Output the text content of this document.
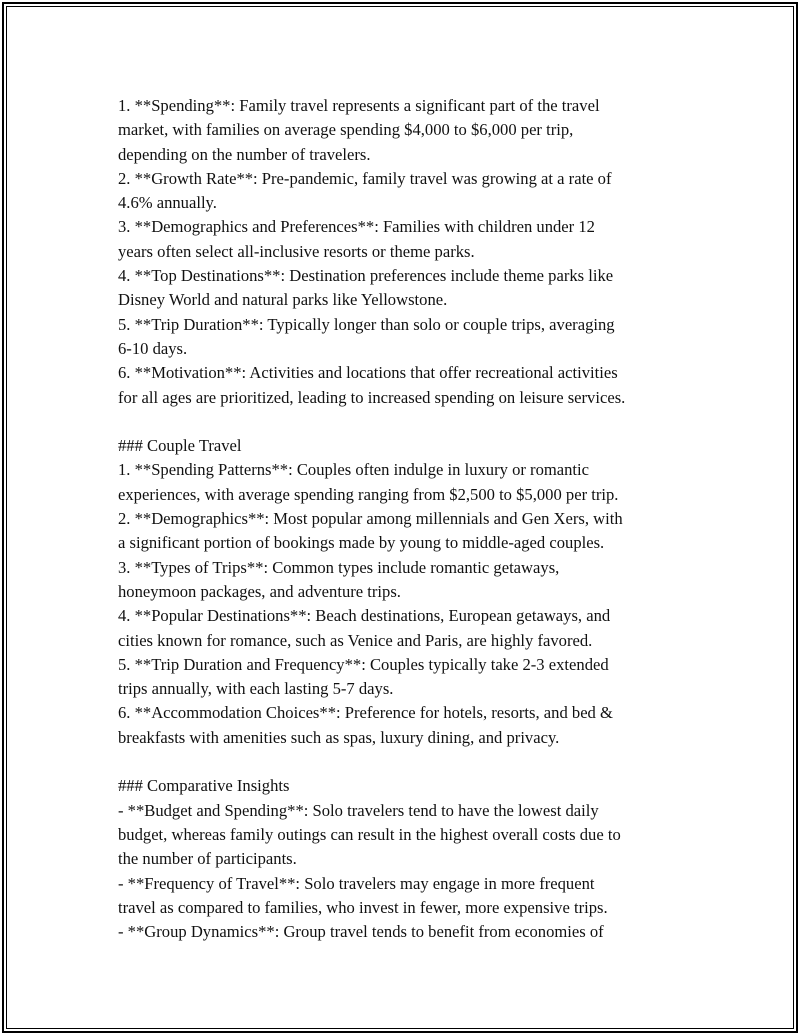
1. **Spending**: Family travel represents a significant part of the travel
market, with families on average spending $4,000 to $6,000 per trip,
depending on the number of travelers.
2. **Growth Rate**: Pre-pandemic, family travel was growing at a rate of
4.6% annually.
3. **Demographics and Preferences**: Families with children under 12
years often select all-inclusive resorts or theme parks.
4. **Top Destinations**: Destination preferences include theme parks like
Disney World and natural parks like Yellowstone.
5. **Trip Duration**: Typically longer than solo or couple trips, averaging
6-10 days.
6. **Motivation**: Activities and locations that offer recreational activities
for all ages are prioritized, leading to increased spending on leisure services.
### Couple Travel
1. **Spending Patterns**: Couples often indulge in luxury or romantic
experiences, with average spending ranging from $2,500 to $5,000 per trip.
2. **Demographics**: Most popular among millennials and Gen Xers, with
a significant portion of bookings made by young to middle-aged couples.
3. **Types of Trips**: Common types include romantic getaways,
honeymoon packages, and adventure trips.
4. **Popular Destinations**: Beach destinations, European getaways, and
cities known for romance, such as Venice and Paris, are highly favored.
5. **Trip Duration and Frequency**: Couples typically take 2-3 extended
trips annually, with each lasting 5-7 days.
6. **Accommodation Choices**: Preference for hotels, resorts, and bed &
breakfasts with amenities such as spas, luxury dining, and privacy.
### Comparative Insights
- **Budget and Spending**: Solo travelers tend to have the lowest daily
budget, whereas family outings can result in the highest overall costs due to
the number of participants.
- **Frequency of Travel**: Solo travelers may engage in more frequent
travel as compared to families, who invest in fewer, more expensive trips.
- **Group Dynamics**: Group travel tends to benefit from economies of
